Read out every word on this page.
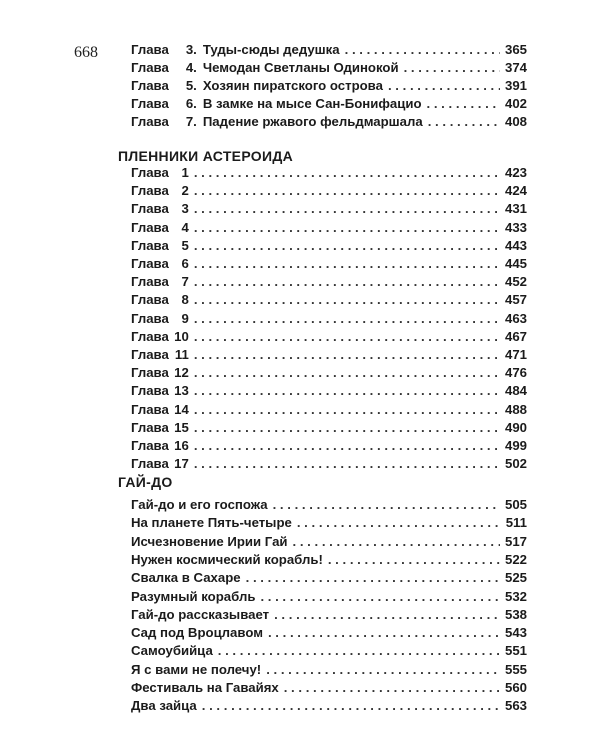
668	Глава	3. Туды-сюды дедушка . . .	365
Глава	4. Чемодан Светланы Одинокой . . .	374
Глава	5. Хозяин пиратского острова . . .	391
Глава	6. В замке на мысе Сан-Бонифацио . . .	402
Глава	7. Падение ржавого фельдмаршала . . .	408
ПЛЕННИКИ АСТЕРОИДА
Глава 1 . . .	423
Глава 2 . . .	424
Глава 3 . . .	431
Глава 4 . . .	433
Глава 5 . . .	443
Глава 6 . . .	445
Глава 7 . . .	452
Глава 8 . . .	457
Глава 9 . . .	463
Глава 10 . . .	467
Глава 11 . . .	471
Глава 12 . . .	476
Глава 13 . . .	484
Глава 14 . . .	488
Глава 15 . . .	490
Глава 16 . . .	499
Глава 17 . . .	502
ГАЙ-ДО
Гай-до и его госпожа . . .	505
На планете Пять-четыре . . .	511
Исчезновение Ирии Гай . . .	517
Нужен космический корабль! . . .	522
Свалка в Сахаре . . .	525
Разумный корабль . . .	532
Гай-до рассказывает . . .	538
Сад под Вроцлавом . . .	543
Самоубийца . . .	551
Я с вами не полечу! . . .	555
Фестиваль на Гавайях . . .	560
Два зайца . . .	563
